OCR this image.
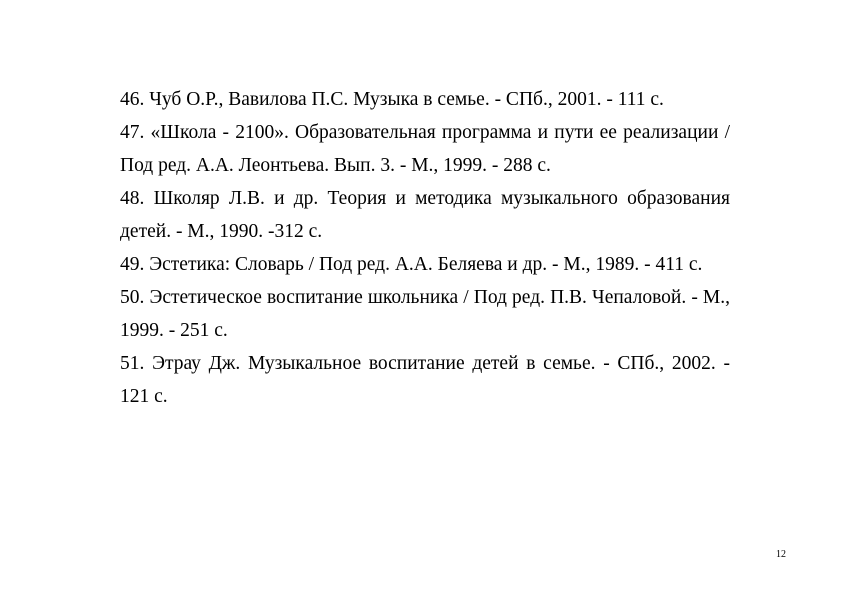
46. Чуб О.Р., Вавилова П.С. Музыка в семье. - СПб., 2001. - 111 с.
47. «Школа - 2100». Образовательная программа и пути ее реализации / Под ред. А.А. Леонтьева. Вып. 3. - М., 1999. - 288 с.
48. Школяр Л.В. и др. Теория и методика музыкального образования детей. - М., 1990. -312 с.
49. Эстетика: Словарь / Под ред. А.А. Беляева и др. - М., 1989. - 411 с.
50. Эстетическое воспитание школьника / Под ред. П.В. Чепаловой. - М., 1999. - 251 с.
51. Этрау Дж. Музыкальное воспитание детей в семье. - СПб., 2002. - 121 с.
12
